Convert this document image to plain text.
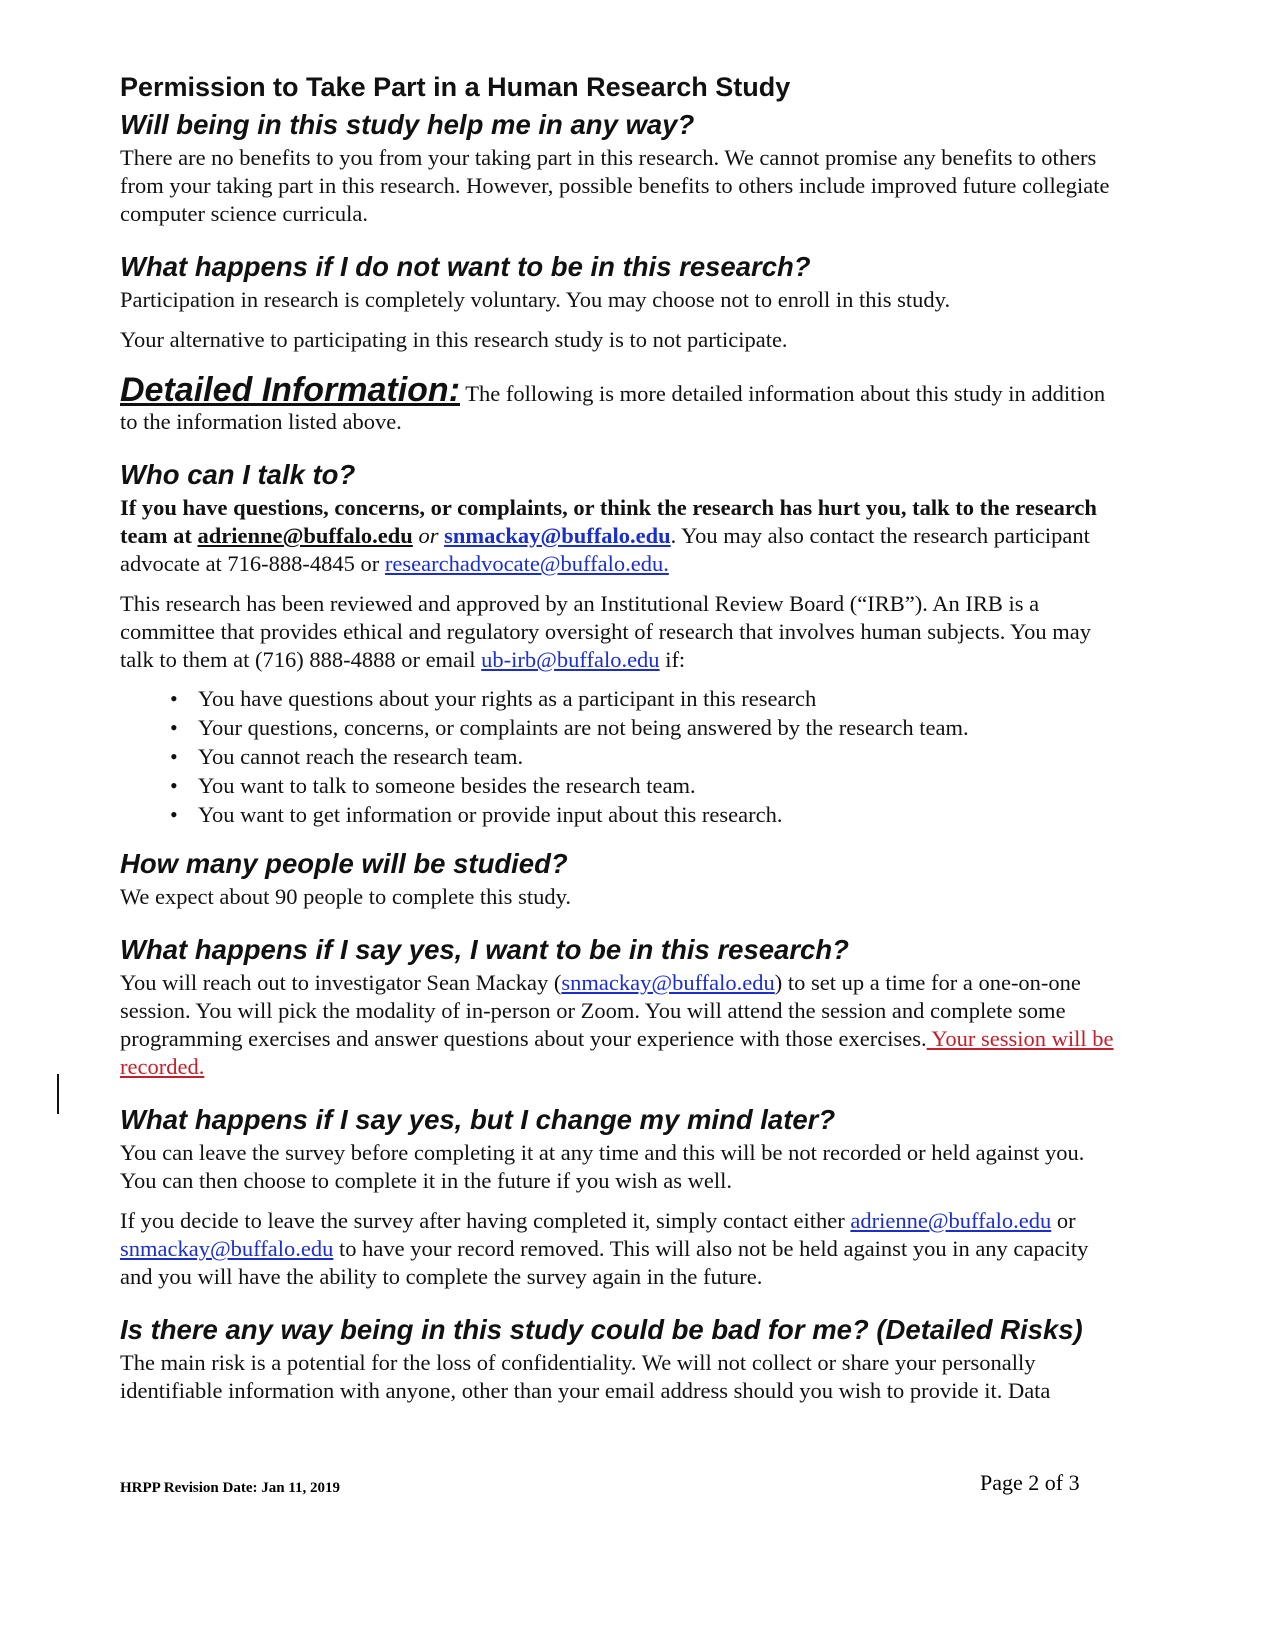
Permission to Take Part in a Human Research Study
Will being in this study help me in any way?

There are no benefits to you from your taking part in this research. We cannot promise any benefits to others from your taking part in this research. However, possible benefits to others include improved future collegiate computer science curricula.

What happens if I do not want to be in this research?

Participation in research is completely voluntary. You may choose not to enroll in this study.

Your alternative to participating in this research study is to not participate.

Detailed Information: The following is more detailed information about this study in addition to the information listed above.

Who can I talk to?

If you have questions, concerns, or complaints, or think the research has hurt you, talk to the research team at adrienne@buffalo.edu or snmackay@buffalo.edu. You may also contact the research participant advocate at 716-888-4845 or researchadvocate@buffalo.edu.

This research has been reviewed and approved by an Institutional Review Board (“IRB”). An IRB is a committee that provides ethical and regulatory oversight of research that involves human subjects. You may talk to them at (716) 888-4888 or email ub-irb@buffalo.edu if:

• You have questions about your rights as a participant in this research
• Your questions, concerns, or complaints are not being answered by the research team.
• You cannot reach the research team.
• You want to talk to someone besides the research team.
• You want to get information or provide input about this research.
How many people will be studied?

We expect about 90 people to complete this study.

What happens if I say yes, I want to be in this research?

You will reach out to investigator Sean Mackay (snmackay@buffalo.edu) to set up a time for a one-on-one session. You will pick the modality of in-person or Zoom. You will attend the session and complete some programming exercises and answer questions about your experience with those exercises. Your session will be recorded.

What happens if I say yes, but I change my mind later?

You can leave the survey before completing it at any time and this will be not recorded or held against you. You can then choose to complete it in the future if you wish as well.

If you decide to leave the survey after having completed it, simply contact either adrienne@buffalo.edu or snmackay@buffalo.edu to have your record removed. This will also not be held against you in any capacity and you will have the ability to complete the survey again in the future.

Is there any way being in this study could be bad for me? (Detailed Risks)

The main risk is a potential for the loss of confidentiality. We will not collect or share your personally identifiable information with anyone, other than your email address should you wish to provide it. Data

HRPP Revision Date: Jan 11, 2019	Page 2 of 3
